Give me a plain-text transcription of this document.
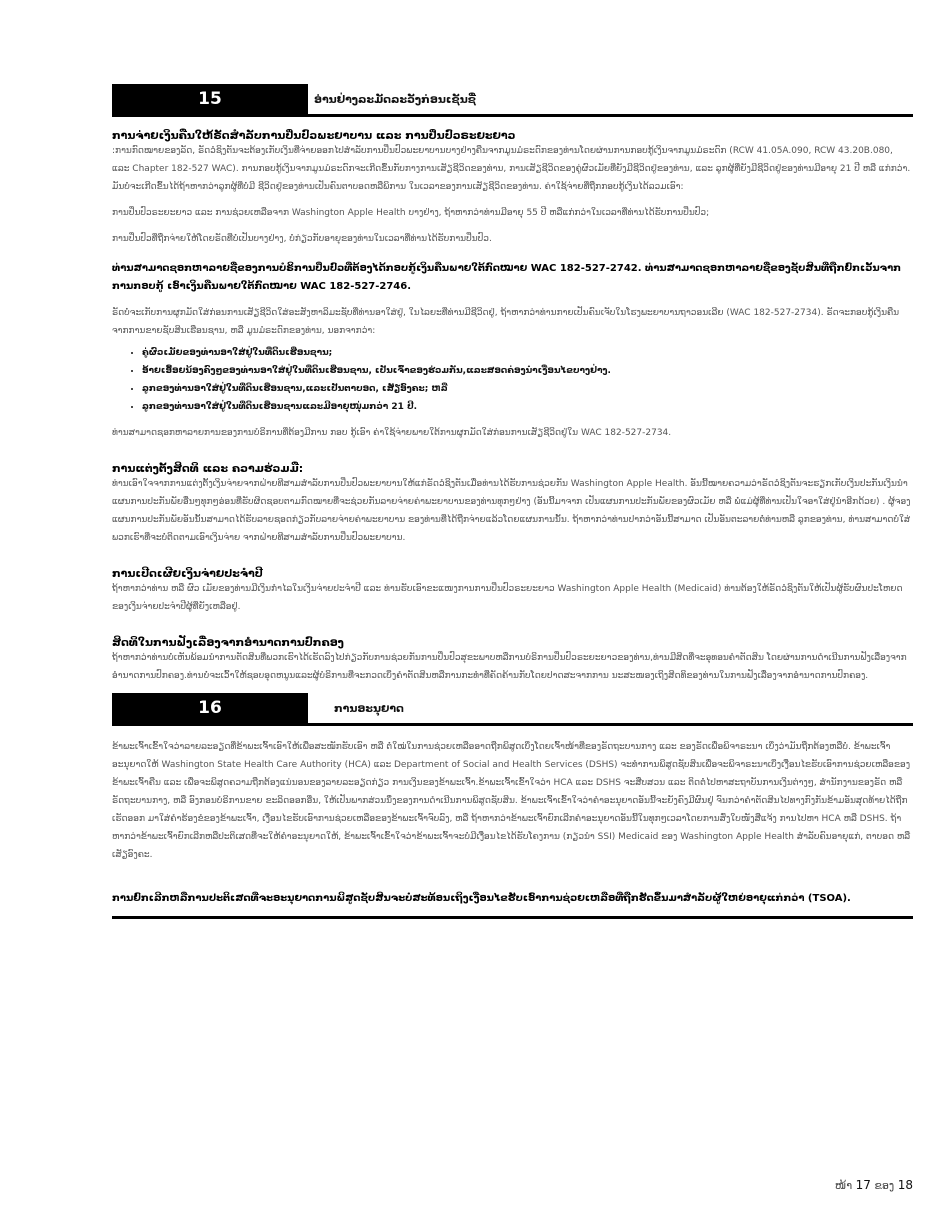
15	ອ່ານຢ່າງລະມັດລະວັງກ່ອນເຊັນຊື່
ການຈ່າຍເງິນຄືນໃຫ້ຣັດສໍາລັບການປິ່ນປົວພະຍາບານ ແລະ ການປິ່ນປົວຣະຍະຍາວ

:ການກົດໝາຍຂອງລັດ, ຣັດວໍຊິງຕັນຈະຕ້ອງເກັບເງິນທີ່ຈ່າຍອອກໄປສໍາລັບການປິ່ນປົວພະຍາບານບາງຢ່າງຄືນຈາກມູນມໍຣະດົກຂອງທ່ານໂດຍຜ່ານການກອບກູ້ເງິນຈາກມູນມໍຣະດົກ (RCW 41.05A.090, RCW 43.20B.080, ແລະ Chapter 182-527 WAC). ການກອບກູ້ເງິນຈາກມູນມໍຣະດົກຈະເກີດຂຶ້ນກັບກາງການເສັຽຊີວິດຂອງທ່ານ, ການເສັຽຊີວິດຂອງຄູ່ຜົວເມັຍທີ່ຍັງມີຊີວິດຢູ່ຂອງທ່ານ, ແລະ ລູກຜູ້ທີ່ຍັງມີຊີວິດຢູ່ຂອງທ່ານມີອາຍຸ 21 ປີ ຫລື ແກ່ກວ່າ. ມັນບໍ່ຈະເກີດຂຶ້ນໄດ້ຖ້າຫາກວ່າລູກຜູ້ທີ່ບໍ່ມີ ຊີວິດຢູ່ຂອງທ່ານເປັນຄົນຕາບອດຫລືພິການ ໃນເວລາຂອງການເສັຽຊີວິດຂອງທ່ານ. ຄ່າໃຊ້ຈ່າຍທີ່ຖືກກອບກູ້ເງິນໄດ້ລວມເອົາ:

ການປິ່ນປົວຣະຍະຍາວ ແລະ ການຊ່ວຍເຫລືອຈາກ Washington Apple Health ບາງຢ່າງ, ຖ້າຫາກວ່າທ່ານມີອາຍຸ 55 ປີ ຫລືແກ່ກວ່າໃນເວລາທີ່ທ່ານໄດ້ຮັບການປິ່ນປົວ;

ການປິ່ນປົວທີ່ຖືກຈ່າຍໃຫ້ໂດຍຣັດທີ່ບໍ່ເປັນບາງຢ່າງ, ບໍ່ກ່ຽວກັບອາຍຸຂອງທ່ານໃນເວລາທີ່ທ່ານໄດ້ຮັບການປິ່ນປົວ.

ທ່ານສາມາດຊອກຫາລາຍຊື່ຂອງການບໍຣິການປິ່ນປົວທີ່ຕ້ອງໄດ້ກອບກູ້ເງິນຄືນພາຍໃຕ້ກົດໝາຍ WAC 182-527-2742. ທ່ານສາມາດຊອກຫາລາຍຊື່ຂອງຊັບສິນທີ່ຖືກຍົກເວັ້ນຈາກການກອບກູ້ ເອົາເງິນຄືນພາຍໃຕ້ກົດໝາຍ WAC 182-527-2746.

ຣັດບໍ່ຈະເກັບການຜູກມັດໃສ່ກ່ອນການເສັຽຊີວິດໃສ່ອະສັງຫາລິມະຊັບທີ່ທ່ານອາໃສ່ຢູ່, ໃນໄລຍະທີ່ທ່ານມີຊີວິດຢູ່, ຖ້າຫາກວ່າທ່ານກາຍເປັນຄົນເຈັບໃນໂຮງພະຍາບານຖາວອນເລີຍ (WAC 182-527-2734). ຣັດຈະກອບກູ້ເງິນຄືນຈາກການຂາຍຊັບສິນເຮືອນຊານ, ຫລື ມູນມໍຣະດົກຂອງທ່ານ, ນອກຈາກວ່າ:

• ຄູ່ຜົວເມັຍຂອງທ່ານອາໃສ່ຢູ່ໃນທີ່ດິນເຮືອນຊານ;
• ອ້າຍເອື້ອຍນ້ອງຄົງໆຂອງທ່ານອາໃສ່ຢູ່ໃນທີ່ດິນເຮືອນຊານ, ເປັນເຈົ້າຂອງຮ່ວມກັນ,ແລະສອດຄ່ອງນໍາເງື່ອນໄຂບາງຢ່າງ.
• ລູກຂອງທ່ານອາໃສ່ຢູ່ໃນທີ່ດິນເຮືອນຊານ,ແລະເປັນຕາບອດ, ເສັຽອົງຄະ; ຫລື
• ລູກຂອງທ່ານອາໃສ່ຢູ່ໃນທີ່ດິນເຮືອນຊານແລະມີອາຍຸໜຸ່ມກວ່າ 21 ປີ.

ທ່ານສາມາດຊອກຫາລາຍການຂອງການບໍຣິການທີ່ຕ້ອງມີການ ກອບ ກູ້ເອົາ ຄ່າໃຊ້ຈ່າຍພາຍໃຕ້ການຜູກມັດໃສ່ກ່ອນການເສັຽຊີວິດຢູ່ໃນ WAC 182-527-2734.

ການແຕ່ງຕັ້ງສິດທິ ແລະ ຄວາມຮ່ວມມື:

ທ່ານເອົາໃຈຈາກການແຕ່ງຕັ້ງເງິນຈ່າຍຈາກຝ່າຍທີສາມສໍາລັບການປິ່ນປົວພະຍາບານໃຫ້ແກ່ຣັດວໍຊິງຕັນເມື່ອທ່ານໄດ້ຮັບການຊ່ວຍກັນ Washington Apple Health. ອັນນີ້ໝາຍຄວາມວ່າຣັດວໍຊິງຕັນຈະຮຽກເກັບເງິນປະກັນເງິນນໍາແຜນການປະກັນພັຍອື່ນໆທຸກໆອ່ອນທີ່ຮັບຜິດຊອບຕາມກົດໝາຍທີ່ຈະຊ່ວຍກັນລາຍຈ່າຍຄ່າພະຍາບານຂອງທ່ານທຸກໆຢ່າງ (ອັນນີ້ມາຈາກ ເປັນແຜນການປະກັນພັຍຂອງຜົວເມັຍ ຫລື ພໍ່ແມ່ຜູ້ທີ່ທ່ານເປັນໃຈອາໃສ່ຢູ່ນໍາອີກດ້ວຍ) . ຜູ້ຈອງແຜນການປະກັນພັຍອັນນັ້ນສາມາດໄດ້ຮັບລາຍຊອດກ່ຽວກັບລາຍຈ່າຍຄ່າພະຍາບານ ຂອງທ່ານທີ່ໄດ້ຖືກຈ່າຍແລ້ວໂດຍແຜນການນັ້ນ. ຖ້າຫາກວ່າທ່ານປາກວ່າອັນນີ້ສາມາດ ເປັນອັນຕະລາຍຕໍ່ທ່ານຫລື ລູກຂອງທ່ານ, ທ່ານສາມາດບໍ່ໃສ່ພວກເຮົາທີ່ຈະບໍ່ຕິດຕາມເອົາເງິນຈ່າຍ ຈາກຝ່າຍທີສາມສໍາລັບການປິ່ນປົວພະຍາບານ.

ການເປີດເຜີຍເງິນຈ່າຍປະຈໍາປີ

ຖ້າຫາກວ່າທ່ານ ຫລື ຜົວ ເມັຍຂອງທ່ານມີເງິນກໍາໄລໃນເງິນຈ່າຍປະຈໍາປີ ແລະ ທ່ານຮັບເອົາຂະແໜງການການປິ່ນປົວຣະຍະຍາວ Washington Apple Health (Medicaid) ທ່ານຕ້ອງໃຫ້ຣັດວໍຊິງຕັນໃຫ້ເປັນຜູ້ຮັບຜົນປະໂຫຍດຂອງເງິນຈ່າຍປະຈໍາປີຜູ້ທີ່ຍັງເຫລືອຢູ່.

ສິດທິໃນການຟັງເລື່ອງຈາກອໍານາດການປົກຄອງ

ຖ້າຫາກວ່າທ່ານບໍ່ເຫັນພ້ອມນໍາການຕັດສິນທີ່ພວກເຮົາໄດ້ເຮັດລົງໄປກ່ຽວກັບການຊ່ວຍກັນການປິ່ນປົວສຸຂະພາບຫລືການບໍຣິການປິ່ນປົວຣະຍະຍາວຂອງທ່ານ,ທ່ານມີສິດທີ່ຈະອຸທອນຄໍາຕັດສິນ ໂດຍຜ່ານການດໍາເນີນການຟັງເລື່ອງຈາກອໍານາດການປົກຄອງ.ທ່ານບໍ່ຈະເວົ້າໃຫ້ຊອບອຸດຫນູນແລະຜູ້ບໍຣິການທີ່ຈະກວດເບິ່ງຄໍາຕັດສິນຫລືການກະທໍາທີ່ຄັດຄ້ານກັບໂດຍປາດສະຈາກການ ນະສະໜອງເຖິງສິດທິຂອງທ່ານໃນການຟັງເລື່ອງຈາກອໍານາດການປົກຄອງ.

16	ການອະນຸຍາດ

ຂ້າພະເຈົ້າເຂົ້າໃຈວ່າລາຍລະອຽດທີ່ຂ້າພະເຈົ້າເອົາໃຫ້ເພື່ອສະໝັກຮັບເອົາ ຫລື ຕໍ່ໃໝ່ໃນການຊ່ວຍເຫລືອອາດຖືກພິສູດເບິ່ງໂດຍເຈົ້າໜ້າທີ່ຂອງຣັດຖະບານກາງ ແລະ ຂອງຣັດເພື່ອພິຈາຣະນາ ເບິ່ງວ່າມັນຖືກຕ້ອງຫລືບໍ່. ຂ້າພະເຈົ້າອະນຸຍາດໃຫ້ Washington State Health Care Authority (HCA) ແລະ Department of Social and Health Services (DSHS) ຈະທໍາການພິສູດຊັບສິນເພື່ອຈະພິຈາຣະນາເບິ່ງເງື່ອນໄຂຮັບເອົາການຊ່ວຍເຫລືອຂອງຂ້າພະເຈົ້າຄືນ ແລະ ເພື່ອຈະພິສູດຄວາມຖືກຕ້ອງແນ່ນອນຂອງລາຍລະອຽດກ່ຽວ ການເງິນຂອງຂ້າພະເຈົ້າ.ຂ້າພະເຈົ້າເຂົ້າໃຈວ່າ HCA ແລະ DSHS ຈະສືບສວນ ແລະ ຕິດຕໍ່ໄປຫາສະຖາບັນການເງິນຕ່າງໆ, ສໍານັກງານຂອງຣັດ ຫລື ຣັດຖະບານກາງ, ຫລື ອົງກອນບໍຣິການຂາຍ ຂະລິດອອກອີ່ນ, ໃຫ້ເປັນພາກສ່ວນນຶ່ງຂອງການດໍາເນີນການພິສູດຊັບສິນ. ຂ້າພະເຈົ້າເຂົ້າໃຈວ່າຄໍາອະນຸຍາດອັນນີ້ຈະຍັງຄົງມີຜົນຢູ່ ຈົນກວ່າຄໍາຕັດສິນໄປທາງກົງກັນຂ້າມອັນສຸດທ້າຍໄດ້ຖືກເຮັດອອກ ມາໃສ່ຄໍາຮ້ອງຂໍຂອງຂ້າພະເຈົ້າ, ເງື່ອນໄຂຮັບເອົາການຊ່ວຍເຫລືອຂອງຂ້າພະເຈົ້າຈົບລົງ, ຫລື ຖ້າຫາກວ່າຂ້າພະເຈົ້າຍົກເລີກຄໍາອະນຸຍາດອັນນີ້ໃນທຸກໆເວລາໂດຍການສົ່ງໃບໜັງສືແຈ້ງ ການໄປຫາ HCA ຫລື DSHS. ຖ້າຫາກວ່າຂ້າພະເຈົ້າຍົກເລີກຫລືປະຕິເສດທີ່ຈະໃຫ້ຄໍາອະນຸຍາດໃຫ້, ຂ້າພະເຈົ້າເຂົ້າໃຈວ່າຂ້າພະເຈົ້າຈະບໍ່ມີເງື່ອນໄຂໄດ້ຮັບໂຄງການ (ກຽວນໍາ SSI) Medicaid ຂອງ Washington Apple Health ສໍາລັບຄົນອາຍຸແກ່, ຕາບອດ ຫລື ເສັຽອົງຄະ.

ການຍົກເລີກຫລືການປະຕິເສດທີ່ຈະອະນຸຍາດການພິສູດຊັບສິນຈະບໍ່ສະທ້ອນເຖິງເງື່ອນໄຂຮັບເອົາການຊ່ວຍເຫລືອທີ່ຖືກຮັດຂຶ້ນມາສໍາລັບຜູ້ໃຫຍ່ອາຍຸແກ່ກວ່າ (TSOA).

ໜ້າ 17 ຂອງ 18
